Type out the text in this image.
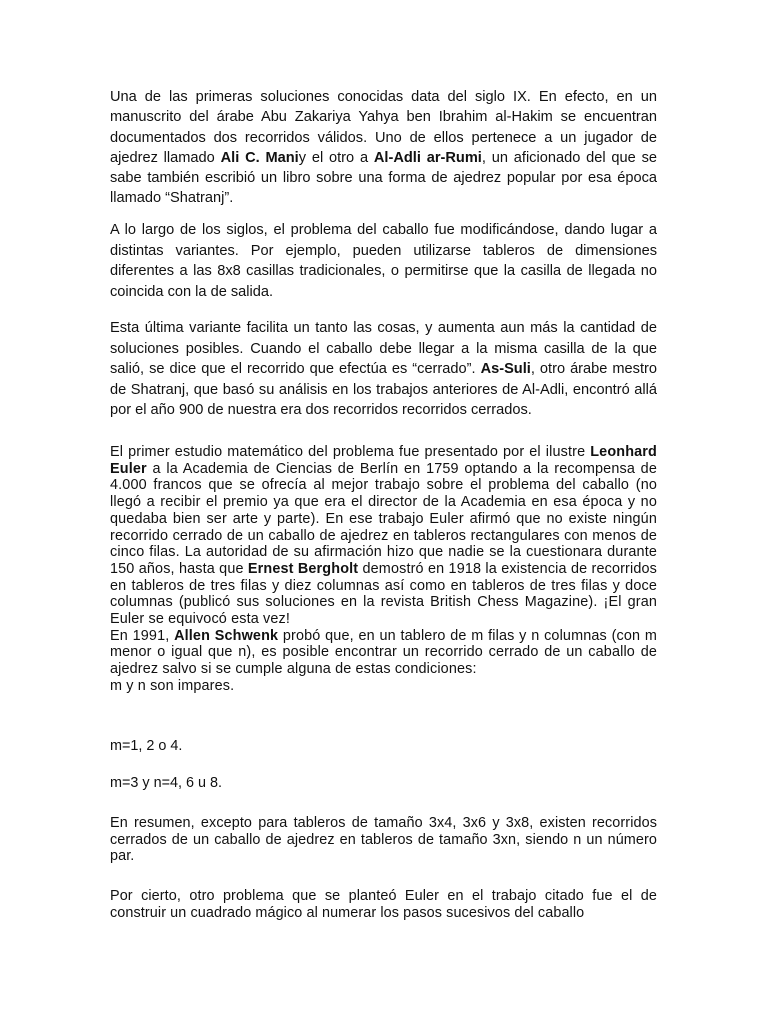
Una de las primeras soluciones conocidas data del siglo IX. En efecto, en un manuscrito del árabe Abu Zakariya Yahya ben Ibrahim al-Hakim se encuentran documentados dos recorridos válidos. Uno de ellos pertenece a un jugador de ajedrez llamado Ali C. Maniy el otro a Al-Adli ar-Rumi, un aficionado del que se sabe también escribió un libro sobre una forma de ajedrez popular por esa época llamado “Shatranj”.

A lo largo de los siglos, el problema del caballo fue modificándose, dando lugar a distintas variantes. Por ejemplo, pueden utilizarse tableros de dimensiones diferentes a las 8x8 casillas tradicionales, o permitirse que la casilla de llegada no coincida con la de salida.

Esta última variante facilita un tanto las cosas, y aumenta aun más la cantidad de soluciones posibles. Cuando el caballo debe llegar a la misma casilla de la que salió, se dice que el recorrido que efectúa es “cerrado”. As-Suli, otro árabe mestro de Shatranj, que basó su análisis en los trabajos anteriores de Al-Adli, encontró allá por el año 900 de nuestra era dos recorridos recorridos cerrados.

El primer estudio matemático del problema fue presentado por el ilustre Leonhard Euler a la Academia de Ciencias de Berlín en 1759 optando a la recompensa de 4.000 francos que se ofrecía al mejor trabajo sobre el problema del caballo (no llegó a recibir el premio ya que era el director de la Academia en esa época y no quedaba bien ser arte y parte). En ese trabajo Euler afirmó que no existe ningún recorrido cerrado de un caballo de ajedrez en tableros rectangulares con menos de cinco filas. La autoridad de su afirmación hizo que nadie se la cuestionara durante 150 años, hasta que Ernest Bergholt demostró en 1918 la existencia de recorridos en tableros de tres filas y diez columnas así como en tableros de tres filas y doce columnas (publicó sus soluciones en la revista British Chess Magazine). ¡El gran Euler se equivocó esta vez!
En 1991, Allen Schwenk probó que, en un tablero de m filas y n columnas (con m menor o igual que n), es posible encontrar un recorrido cerrado de un caballo de ajedrez salvo si se cumple alguna de estas condiciones:
m y n son impares.

m=1, 2 o 4.

m=3 y n=4, 6 u 8.

En resumen, excepto para tableros de tamaño 3x4, 3x6 y 3x8, existen recorridos cerrados de un caballo de ajedrez en tableros de tamaño 3xn, siendo n un número par.

Por cierto, otro problema que se planteó Euler en el trabajo citado fue el de construir un cuadrado mágico al numerar los pasos sucesivos del caballo
